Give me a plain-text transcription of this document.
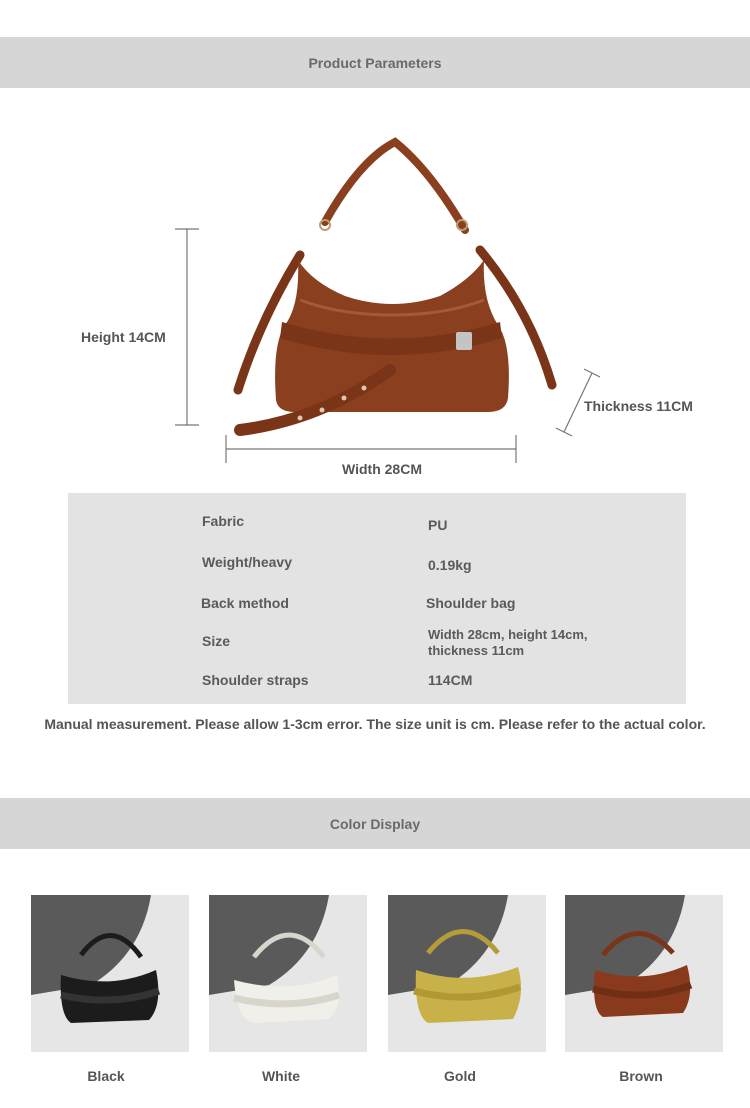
Product Parameters
Height 14CM
Width 28CM
Thickness 11CM
Fabric	PU
Weight/heavy	0.19kg
Back method	Shoulder bag
Size	Width 28cm, height 14cm, thickness 11cm
Shoulder straps	114CM
Manual measurement. Please allow 1-3cm error. The size unit is cm. Please refer to the actual color.
Color Display
Black	White	Gold	Brown
